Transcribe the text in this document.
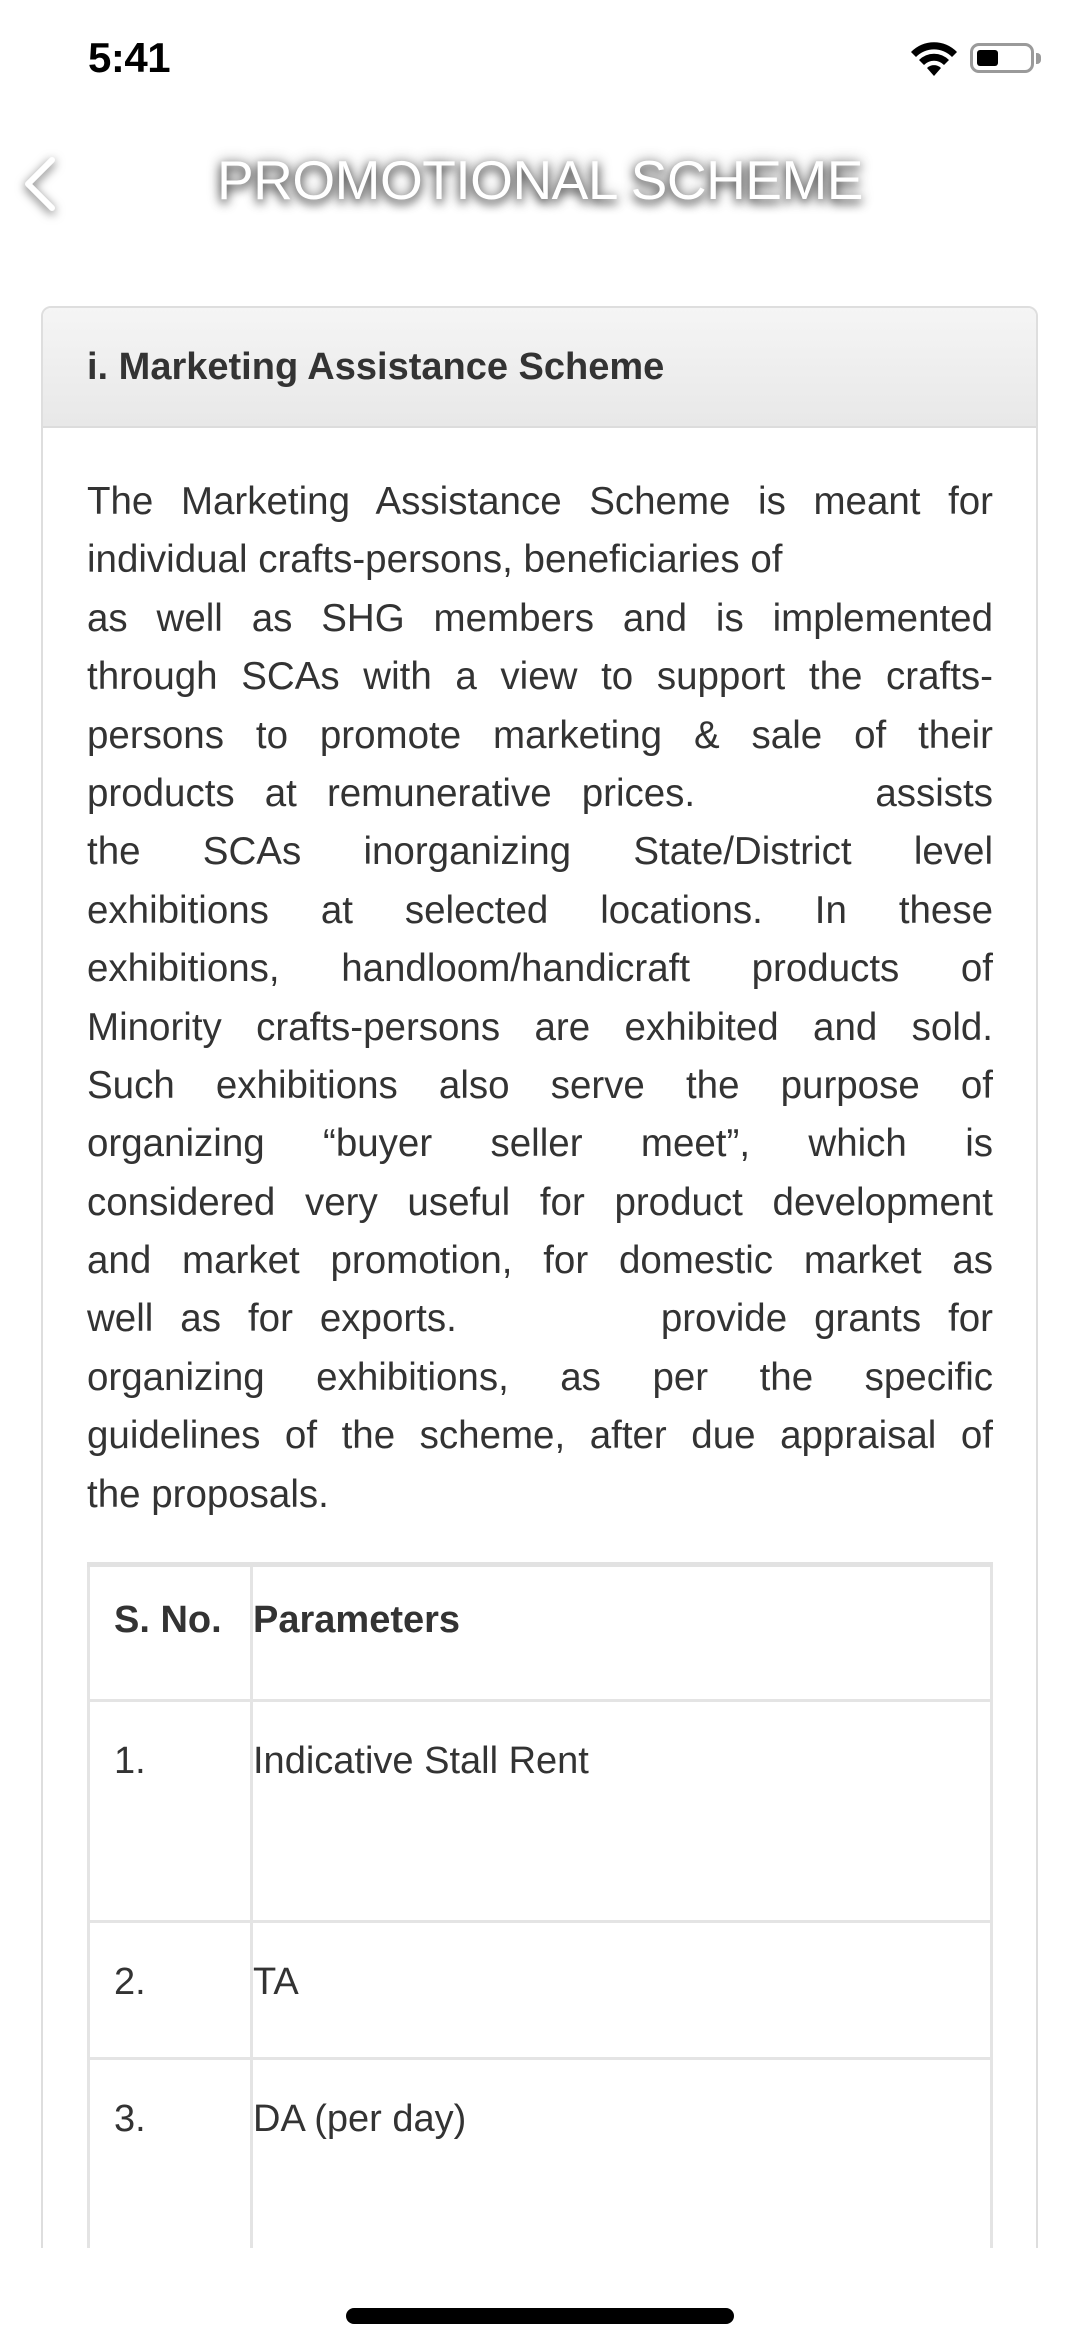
5:41
PROMOTIONAL SCHEME
i. Marketing Assistance Scheme
The Marketing Assistance Scheme is meant for
individual crafts-persons, beneficiaries of
as well as SHG members and is implemented
through SCAs with a view to support the crafts-
persons to promote marketing & sale of their
products at remunerative prices.	assists
the SCAs inorganizing State/District level
exhibitions at selected locations. In these
exhibitions, handloom/handicraft products of
Minority crafts-persons are exhibited and sold.
Such exhibitions also serve the purpose of
organizing “buyer seller meet”, which is
considered very useful for product development
and market promotion, for domestic market as
well as for exports.	provide grants for
organizing exhibitions, as per the specific
guidelines of the scheme, after due appraisal of
the proposals.
S. No.	Parameters
1.	Indicative Stall Rent
2.	TA
3.	DA (per day)
